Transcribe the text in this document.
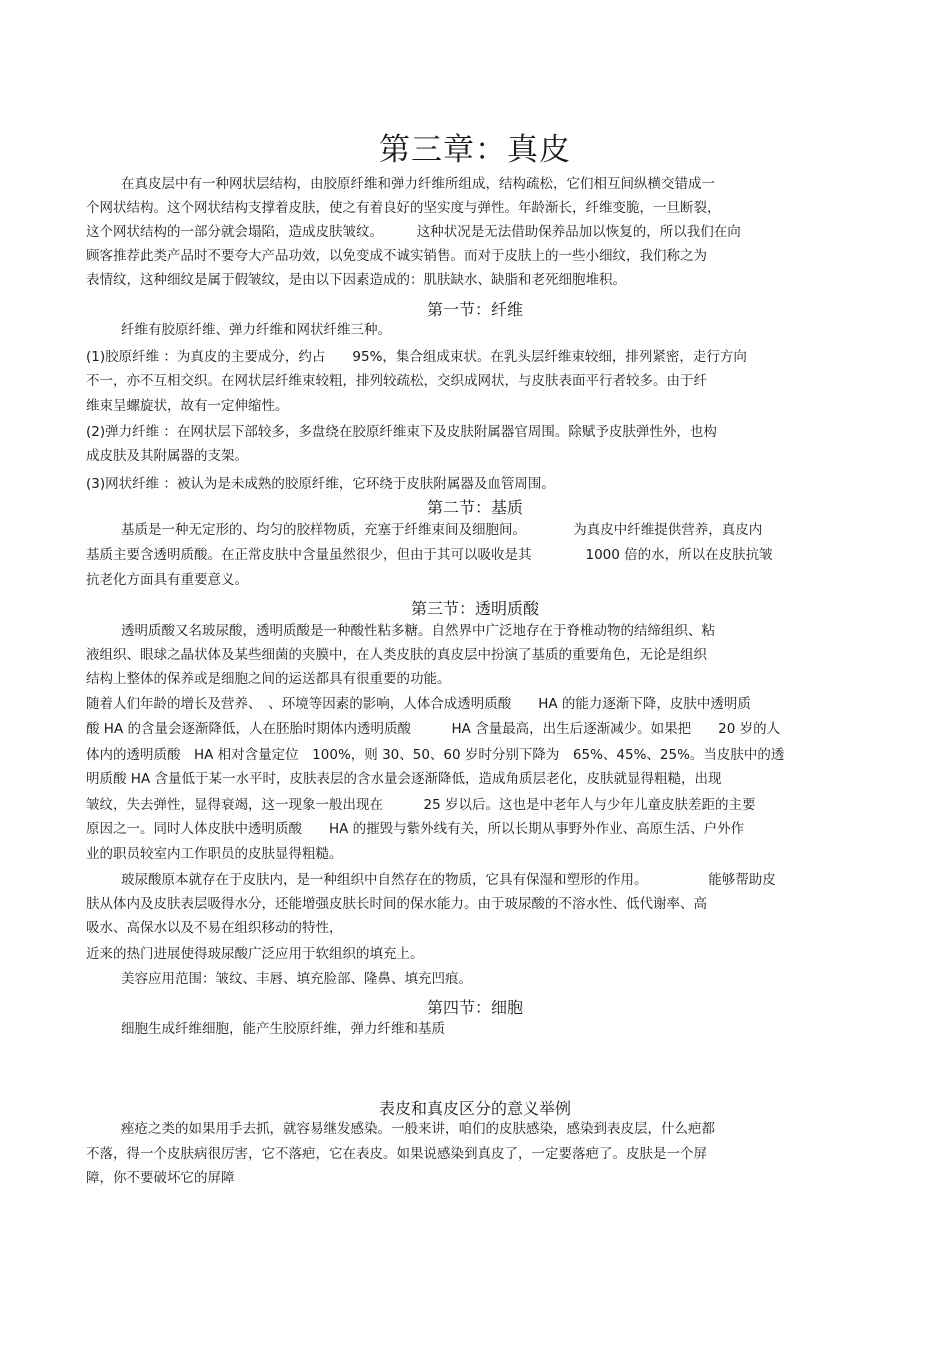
第三章：真皮
在真皮层中有一种网状层结构，由胶原纤维和弹力纤维所组成，结构疏松，它们相互间纵横交错成一
个网状结构。这个网状结构支撑着皮肤，使之有着良好的坚实度与弹性。年龄渐长，纤维变脆，一旦断裂，
这个网状结构的一部分就会塌陷，造成皮肤皱纹。　　　这种状况是无法借助保养品加以恢复的，所以我们在向
顾客推荐此类产品时不要夸大产品功效，以免变成不诚实销售。而对于皮肤上的一些小细纹，我们称之为
表情纹，这种细纹是属于假皱纹，是由以下因素造成的：肌肤缺水、缺脂和老死细胞堆积。
第一节：纤维
纤维有胶原纤维、弹力纤维和网状纤维三种。
(1)胶原纤维 ：为真皮的主要成分，约占　　95%，集合组成束状。在乳头层纤维束较细，排列紧密，走行方向
不一，亦不互相交织。在网状层纤维束较粗，排列较疏松，交织成网状，与皮肤表面平行者较多。由于纤
维束呈螺旋状，故有一定伸缩性。
(2)弹力纤维 ：在网状层下部较多，多盘绕在胶原纤维束下及皮肤附属器官周围。除赋予皮肤弹性外，也构
成皮肤及其附属器的支架。
(3)网状纤维 ：被认为是未成熟的胶原纤维，它环绕于皮肤附属器及血管周围。
第二节：基质
基质是一种无定形的、均匀的胶样物质，充塞于纤维束间及细胞间。　　　　为真皮中纤维提供营养，真皮内
基质主要含透明质酸。在正常皮肤中含量虽然很少，但由于其可以吸收是其　　　　1000 倍的水，所以在皮肤抗皱
抗老化方面具有重要意义。
第三节：透明质酸
透明质酸又名玻尿酸，透明质酸是一种酸性粘多糖。自然界中广泛地存在于脊椎动物的结缔组织、粘
液组织、眼球之晶状体及某些细菌的夹膜中，在人类皮肤的真皮层中扮演了基质的重要角色，无论是组织
结构上整体的保养或是细胞之间的运送都具有很重要的功能。
随着人们年龄的增长及营养、　、环境等因素的影响，人体合成透明质酸　　HA 的能力逐渐下降，皮肤中透明质
酸 HA 的含量会逐渐降低，人在胚胎时期体内透明质酸　　　HA 含量最高，出生后逐渐减少。如果把　　20 岁的人
体内的透明质酸　HA 相对含量定位　100%，则 30、50、60 岁时分别下降为　65%、45%、25%。当皮肤中的透
明质酸 HA 含量低于某一水平时，皮肤表层的含水量会逐渐降低，造成角质层老化，皮肤就显得粗糙，出现
皱纹，失去弹性，显得衰竭，这一现象一般出现在　　　25 岁以后。这也是中老年人与少年儿童皮肤差距的主要
原因之一。同时人体皮肤中透明质酸　　HA 的摧毁与紫外线有关，所以长期从事野外作业、高原生活、户外作
业的职员较室内工作职员的皮肤显得粗糙。
玻尿酸原本就存在于皮肤内，是一种组织中自然存在的物质，它具有保湿和塑形的作用。　　　　　能够帮助皮
肤从体内及皮肤表层吸得水分，还能增强皮肤长时间的保水能力。由于玻尿酸的不溶水性、低代谢率、高
吸水、高保水以及不易在组织移动的特性，
近来的热门进展使得玻尿酸广泛应用于软组织的填充上。
美容应用范围：皱纹、丰唇、填充脸部、隆鼻、填充凹痕。
第四节：细胞
细胞生成纤维细胞，能产生胶原纤维，弹力纤维和基质
表皮和真皮区分的意义举例
痤疮之类的如果用手去抓，就容易继发感染。一般来讲，咱们的皮肤感染，感染到表皮层，什么疤都
不落，得一个皮肤病很厉害，它不落疤，它在表皮。如果说感染到真皮了，一定要落疤了。皮肤是一个屏
障，你不要破坏它的屏障
